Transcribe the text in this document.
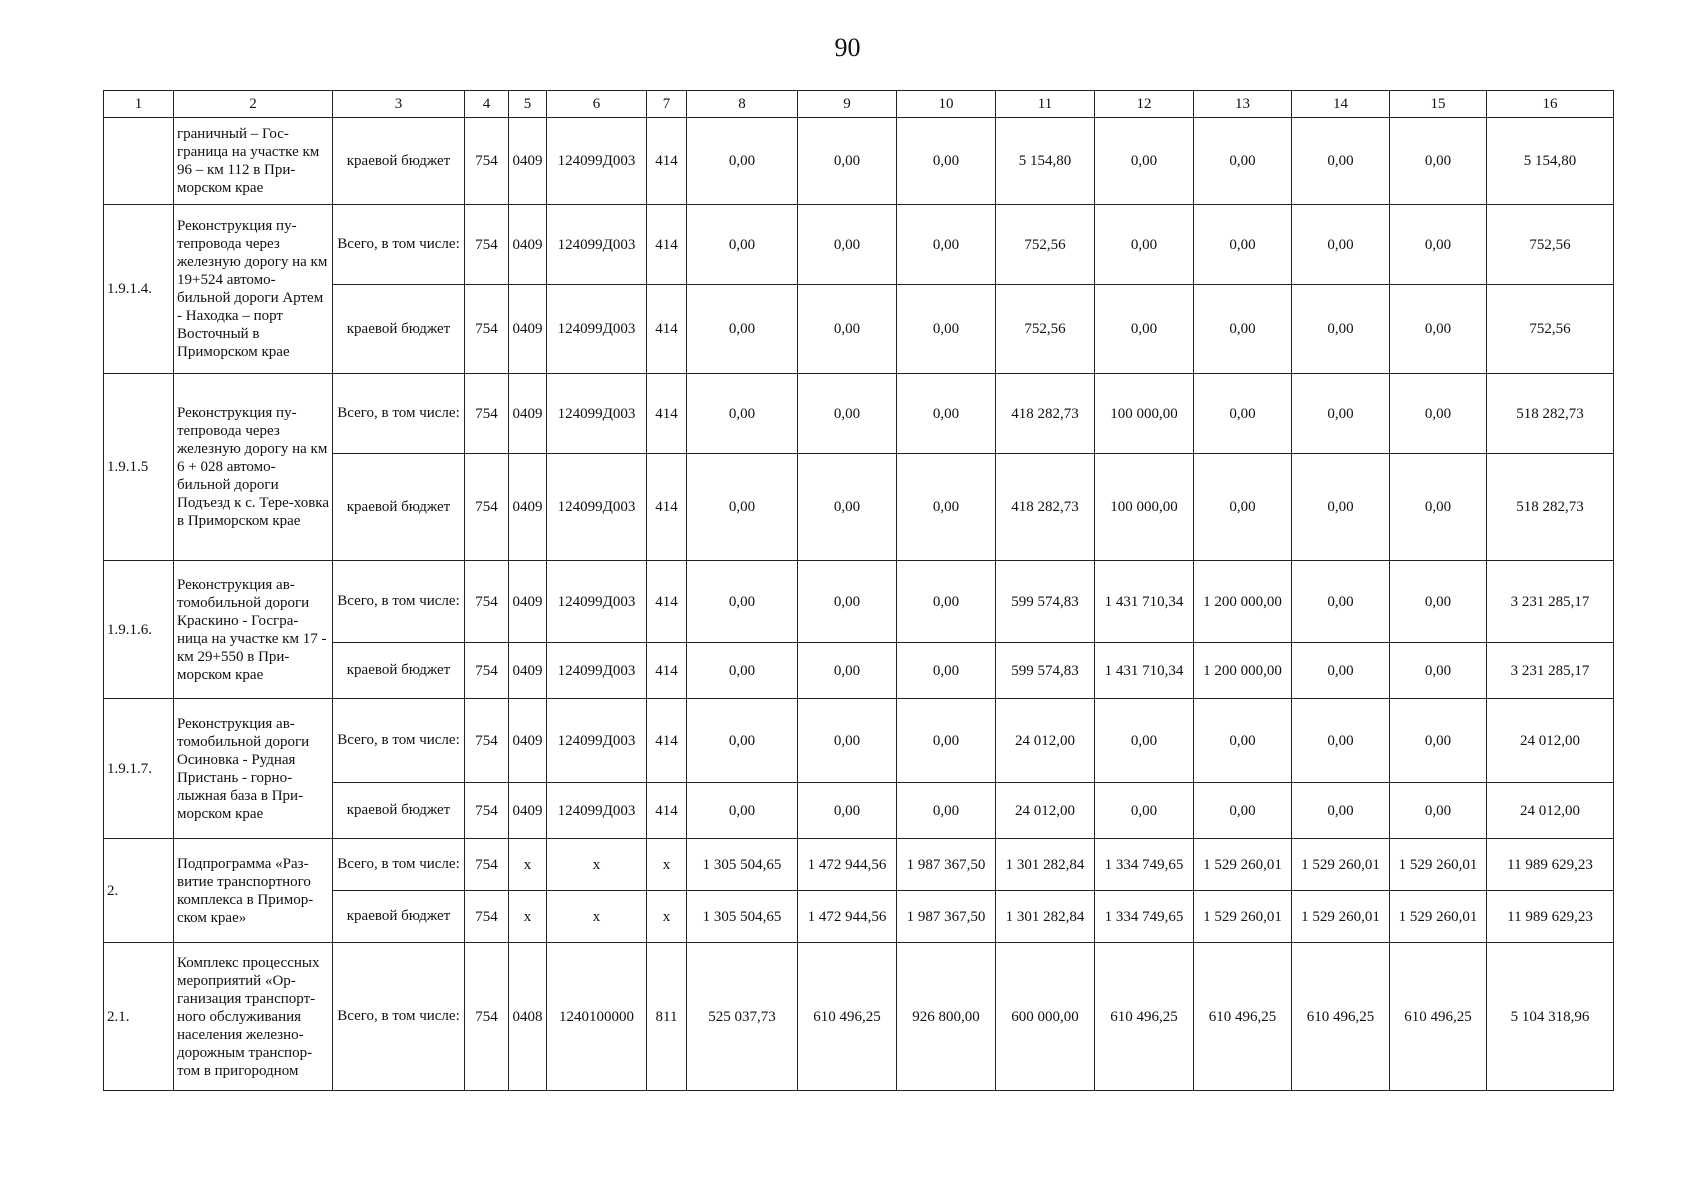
90
1	2	3	4	5	6	7	8	9	10	11	12	13	14	15	16
	граничный – Гос-граница на участке км 96 – км 112 в При-морском крае	краевой бюджет	754	0409	124099Д003	414	0,00	0,00	0,00	5 154,80	0,00	0,00	0,00	0,00	5 154,80
1.9.1.4.	Реконструкция пу-тепровода через железную дорогу на км 19+524 автомо-бильной дороги Артем - Находка – порт Восточный в Приморском крае	Всего, в том числе:	754	0409	124099Д003	414	0,00	0,00	0,00	752,56	0,00	0,00	0,00	0,00	752,56
		краевой бюджет	754	0409	124099Д003	414	0,00	0,00	0,00	752,56	0,00	0,00	0,00	0,00	752,56
1.9.1.5	Реконструкция пу-тепровода через железную дорогу на км 6 + 028 автомо-бильной дороги Подъезд к с. Тере-ховка в Приморском крае	Всего, в том числе:	754	0409	124099Д003	414	0,00	0,00	0,00	418 282,73	100 000,00	0,00	0,00	0,00	518 282,73
		краевой бюджет	754	0409	124099Д003	414	0,00	0,00	0,00	418 282,73	100 000,00	0,00	0,00	0,00	518 282,73
1.9.1.6.	Реконструкция ав-томобильной дороги Краскино - Госгра-ница на участке км 17 - км 29+550 в При-морском крае	Всего, в том числе:	754	0409	124099Д003	414	0,00	0,00	0,00	599 574,83	1 431 710,34	1 200 000,00	0,00	0,00	3 231 285,17
		краевой бюджет	754	0409	124099Д003	414	0,00	0,00	0,00	599 574,83	1 431 710,34	1 200 000,00	0,00	0,00	3 231 285,17
1.9.1.7.	Реконструкция ав-томобильной дороги Осиновка - Рудная Пристань - горно-лыжная база в При-морском крае	Всего, в том числе:	754	0409	124099Д003	414	0,00	0,00	0,00	24 012,00	0,00	0,00	0,00	0,00	24 012,00
		краевой бюджет	754	0409	124099Д003	414	0,00	0,00	0,00	24 012,00	0,00	0,00	0,00	0,00	24 012,00
2.	Подпрограмма «Раз-витие транспортного комплекса в Примор-ском крае»	Всего, в том числе:	754	x	x	x	1 305 504,65	1 472 944,56	1 987 367,50	1 301 282,84	1 334 749,65	1 529 260,01	1 529 260,01	1 529 260,01	11 989 629,23
		краевой бюджет	754	x	x	x	1 305 504,65	1 472 944,56	1 987 367,50	1 301 282,84	1 334 749,65	1 529 260,01	1 529 260,01	1 529 260,01	11 989 629,23
2.1.	Комплекс процессных мероприятий «Ор-ганизация транспорт-ного обслуживания населения железно-дорожным транспор-том в пригородном	Всего, в том числе:	754	0408	1240100000	811	525 037,73	610 496,25	926 800,00	600 000,00	610 496,25	610 496,25	610 496,25	610 496,25	5 104 318,96
